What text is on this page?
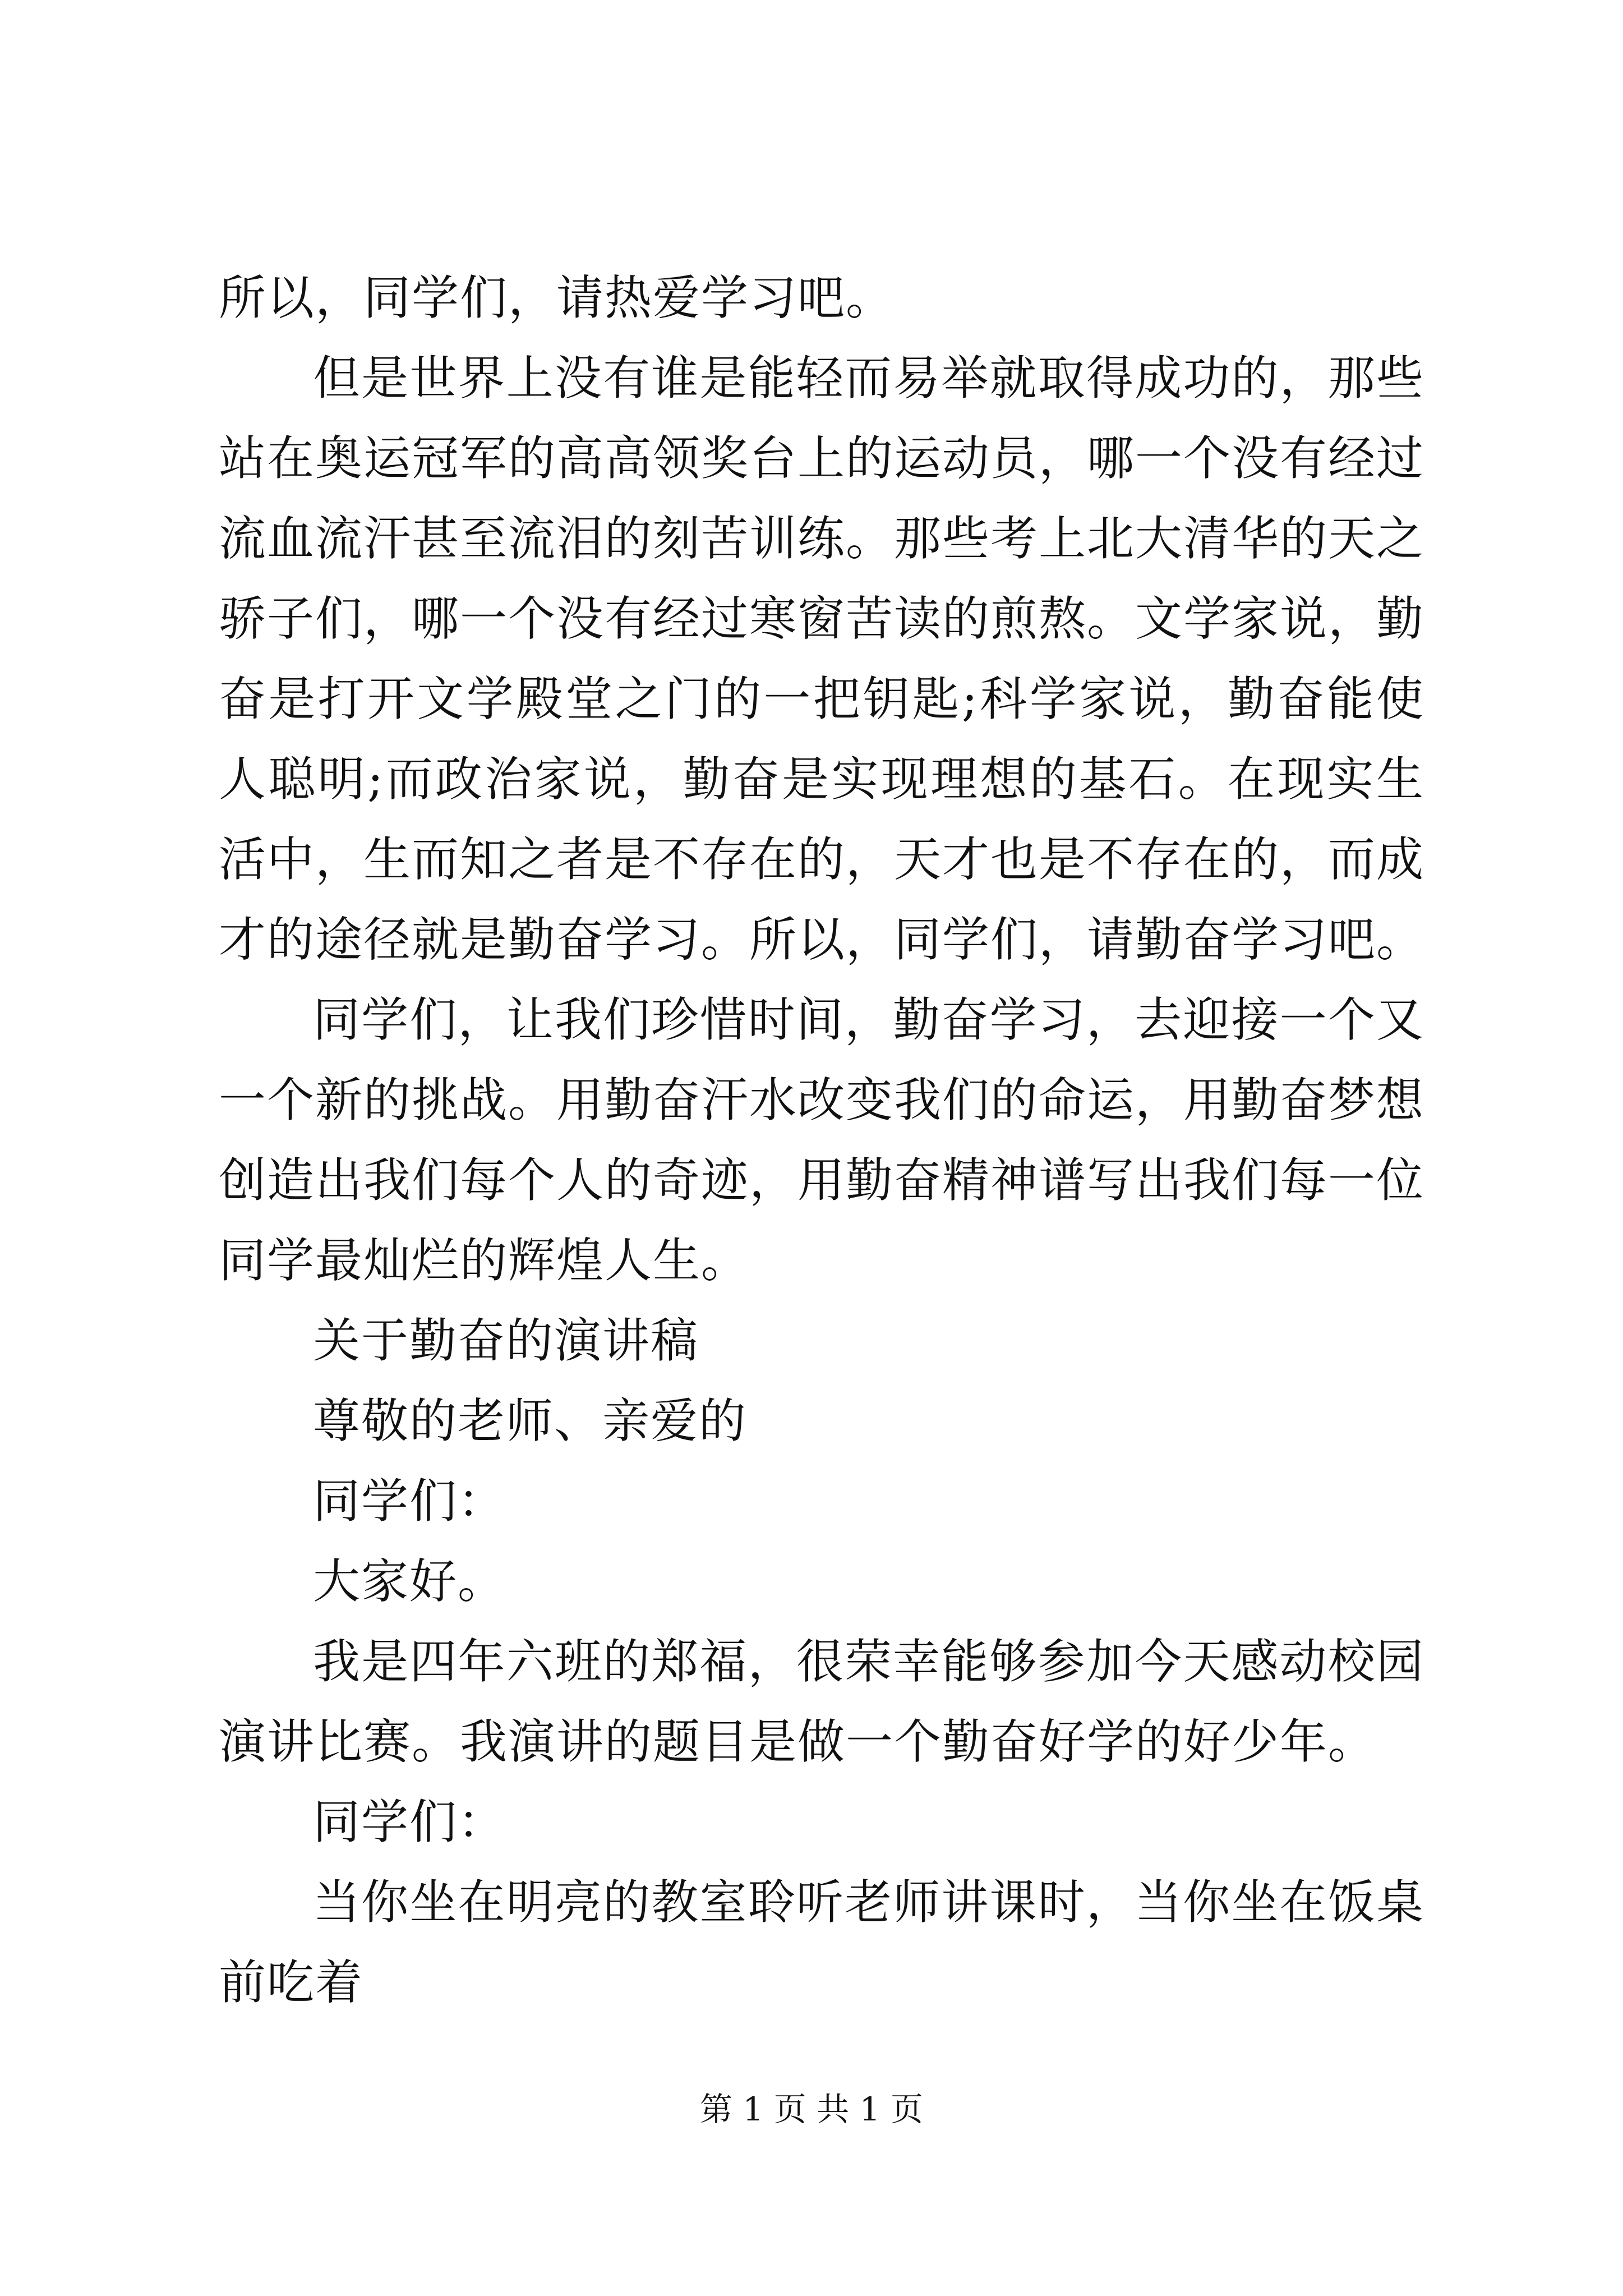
所以，同学们，请热爱学习吧。

但是世界上没有谁是能轻而易举就取得成功的，那些站在奥运冠军的高高领奖台上的运动员，哪一个没有经过流血流汗甚至流泪的刻苦训练。那些考上北大清华的天之骄子们，哪一个没有经过寒窗苦读的煎熬。文学家说，勤奋是打开文学殿堂之门的一把钥匙;科学家说，勤奋能使人聪明;而政治家说，勤奋是实现理想的基石。在现实生活中，生而知之者是不存在的，天才也是不存在的，而成才的途径就是勤奋学习。所以，同学们，请勤奋学习吧。

同学们，让我们珍惜时间，勤奋学习，去迎接一个又一个新的挑战。用勤奋汗水改变我们的命运，用勤奋梦想创造出我们每个人的奇迹，用勤奋精神谱写出我们每一位同学最灿烂的辉煌人生。

关于勤奋的演讲稿

尊敬的老师、亲爱的

同学们：

大家好。

我是四年六班的郑福，很荣幸能够参加今天感动校园演讲比赛。我演讲的题目是做一个勤奋好学的好少年。

同学们：

当你坐在明亮的教室聆听老师讲课时，当你坐在饭桌前吃着

第 1 页 共 1 页
